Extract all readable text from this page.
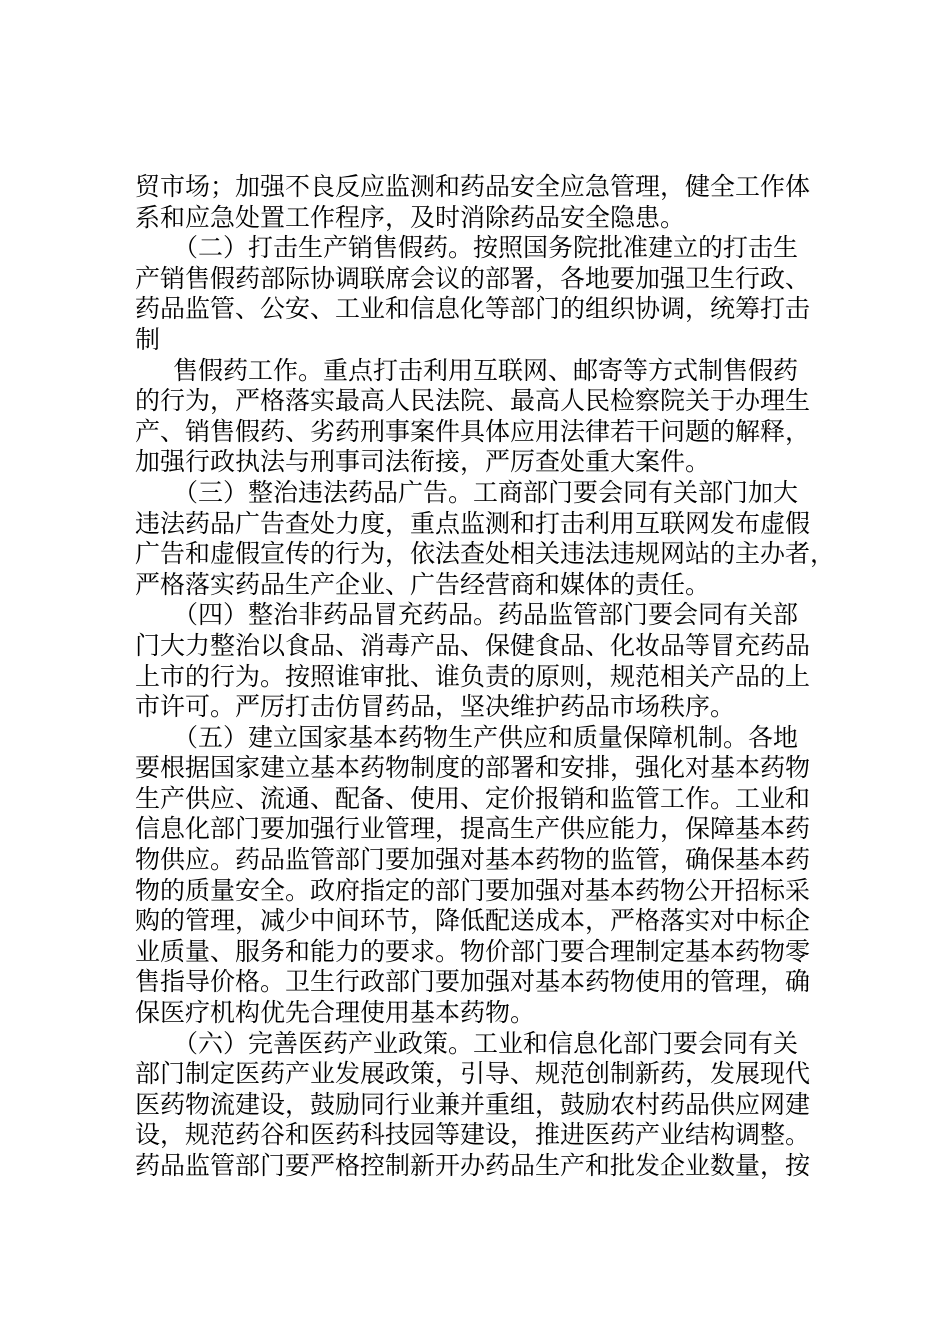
贸市场；加强不良反应监测和药品安全应急管理，健全工作体
系和应急处置工作程序，及时消除药品安全隐患。
（二）打击生产销售假药。按照国务院批准建立的打击生
产销售假药部际协调联席会议的部署，各地要加强卫生行政、
药品监管、公安、工业和信息化等部门的组织协调，统筹打击
制
售假药工作。重点打击利用互联网、邮寄等方式制售假药
的行为，严格落实最高人民法院、最高人民检察院关于办理生
产、销售假药、劣药刑事案件具体应用法律若干问题的解释，
加强行政执法与刑事司法衔接，严厉查处重大案件。
（三）整治违法药品广告。工商部门要会同有关部门加大
违法药品广告查处力度，重点监测和打击利用互联网发布虚假
广告和虚假宣传的行为，依法查处相关违法违规网站的主办者，
严格落实药品生产企业、广告经营商和媒体的责任。
（四）整治非药品冒充药品。药品监管部门要会同有关部
门大力整治以食品、消毒产品、保健食品、化妆品等冒充药品
上市的行为。按照谁审批、谁负责的原则，规范相关产品的上
市许可。严厉打击仿冒药品，坚决维护药品市场秩序。
（五）建立国家基本药物生产供应和质量保障机制。各地
要根据国家建立基本药物制度的部署和安排，强化对基本药物
生产供应、流通、配备、使用、定价报销和监管工作。工业和
信息化部门要加强行业管理，提高生产供应能力，保障基本药
物供应。药品监管部门要加强对基本药物的监管，确保基本药
物的质量安全。政府指定的部门要加强对基本药物公开招标采
购的管理，减少中间环节，降低配送成本，严格落实对中标企
业质量、服务和能力的要求。物价部门要合理制定基本药物零
售指导价格。卫生行政部门要加强对基本药物使用的管理，确
保医疗机构优先合理使用基本药物。
（六）完善医药产业政策。工业和信息化部门要会同有关
部门制定医药产业发展政策，引导、规范创制新药，发展现代
医药物流建设，鼓励同行业兼并重组，鼓励农村药品供应网建
设，规范药谷和医药科技园等建设，推进医药产业结构调整。
药品监管部门要严格控制新开办药品生产和批发企业数量，按
